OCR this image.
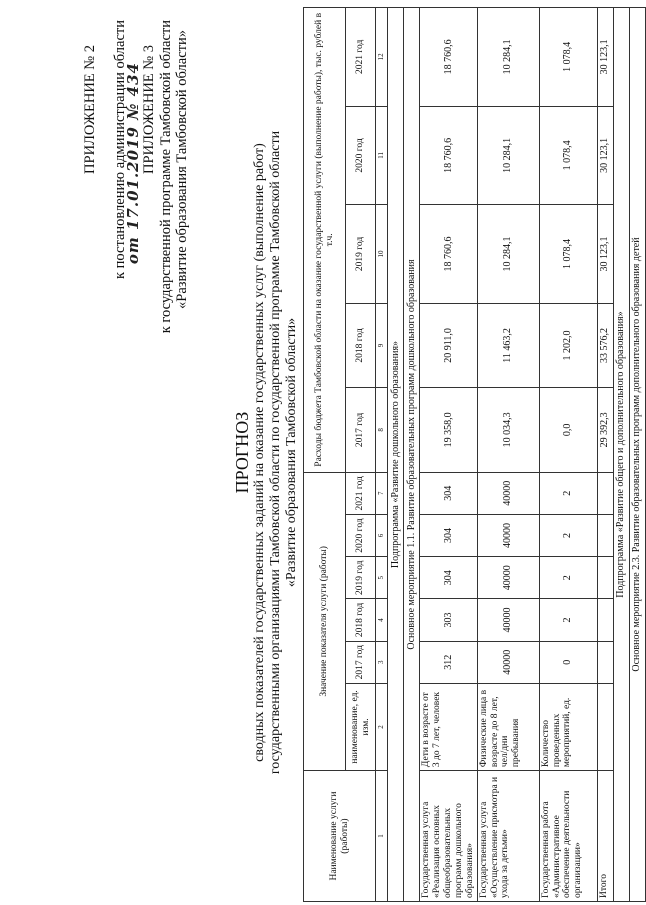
ПРИЛОЖЕНИЕ № 2 к постановлению администрации области
от 17.01.2019 № 434 ПРИЛОЖЕНИЕ № 3 к государственной программе Тамбовской области «Развитие образования Тамбовской области»
ПРОГНОЗ сводных показателей государственных заданий на оказание государственных услуг (выполнение работ) государственными организациями Тамбовской области по государственной программе Тамбовской области «Развитие образования Тамбовской области»
Наименование услуги (работы)	Значение показателя услуги (работы)						Расходы бюджета Тамбовской области на оказание государственной услуги (выполнение работы), тыс. рублей в т.ч.				
	наименование, ед. изм.	2017 год	2018 год	2019 год	2020 год	2021 год	2017 год	2018 год	2019 год	2020 год	2021 год
1	2	3	4	5	6	7	8	9	10	11	12
Подпрограмма «Развитие дошкольного образования»											
Основное мероприятие 1.1. Развитие образовательных программ дошкольного образования											
Государственная услуга «Реализация основных общеобразовательных программ дошкольного образования»	Дети в возрасте от 3 до 7 лет, человек	312	303	304	304	304	19 358,0	20 911,0	18 760,6	18 760,6	18 760,6
Государственная услуга «Осуществление присмотра и ухода за детьми»	Физические лица в возрасте до 8 лет, чел/дни пребывания	40000	40000	40000	40000	40000	10 034,3	11 463,2	10 284,1	10 284,1	10 284,1
Государственная работа «Административное обеспечение деятельности организации»	Количество проведенных мероприятий, ед.	0	2	2	2	2	0,0	1 202,0	1 078,4	1 078,4	1 078,4
Итого							29 392,3	33 576,2	30 123,1	30 123,1	30 123,1
Подпрограмма «Развитие общего и дополнительного образования»											
Основное мероприятие 2.3. Развитие образовательных программ дополнительного образования детей											
